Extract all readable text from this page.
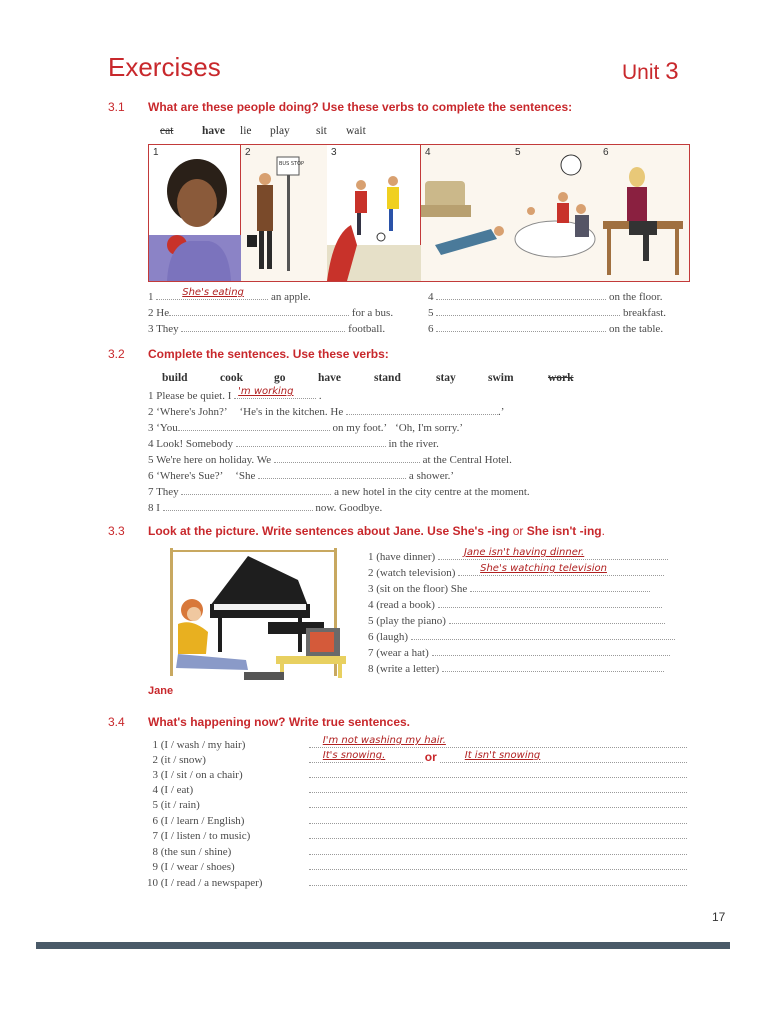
Exercises	Unit 3
3.1 What are these people doing? Use these verbs to complete the sentences:
eat have lie play sit wait
1	2
BUS STOP
3	4	5	6
1	She's eating an apple.
2 He	for a bus.
3 They	football.
4	on the floor.
5	breakfast.
6	on the table.
3.2 Complete the sentences. Use these verbs:
build	cook	go	have	stand	stay	swim	work
1 Please be quiet. I 'm working .
2 ‘Where's John?’ ‘He's in the kitchen. He	.’
3 ‘You	on my foot.’ ‘Oh, I'm sorry.’
4 Look! Somebody	in the river.
5 We're here on holiday. We	at the Central Hotel.
6 ‘Where's Sue?’ ‘She	a shower.’
7 They	a new hotel in the city centre at the moment.
8 I	now. Goodbye.
3.3 Look at the picture. Write sentences about Jane. Use She's -ing or She isn't -ing.
Jane
1 (have dinner)	Jane isn't having dinner.
2 (watch television) She's watching television
3 (sit on the floor) She
4 (read a book)
5 (play the piano)
6 (laugh)
7 (wear a hat)
8 (write a letter)
3.4 What's happening now? Write true sentences.
1 (I / wash / my hair)	I'm not washing my hair.
2 (it / snow)	It's snowing.	or	It isn't snowing
3 (I / sit / on a chair)
4 (I / eat)
5 (it / rain)
6 (I / learn / English)
7 (I / listen / to music)
8 (the sun / shine)
9 (I / wear / shoes)
10 (I / read / a newspaper)
17
